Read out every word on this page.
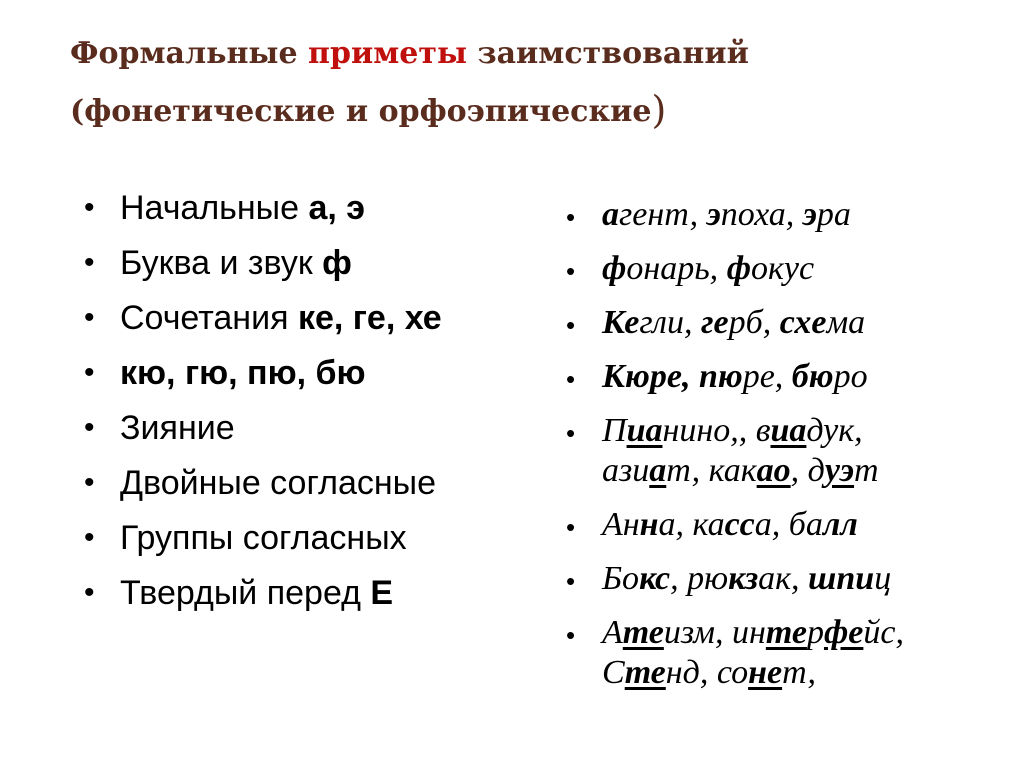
Формальные приметы заимствований
(фонетические и орфоэпические)
• Начальные а, э
• Буква и звук ф
• Сочетания ке, ге, хе
• кю, гю, пю, бю
• Зияние
• Двойные согласные
• Группы согласных
• Твердый перед Е
• агент, эпоха, эра
• фонарь, фокус
• Кегли, герб, схема
• Кюре, пюре, бюро
• Пианино,, виадук,
азиат, какао, дуэт
• Анна, касса, балл
• Бокс, рюкзак, шпиц
• Атеизм, интерфейс,
Стенд, сонет,
